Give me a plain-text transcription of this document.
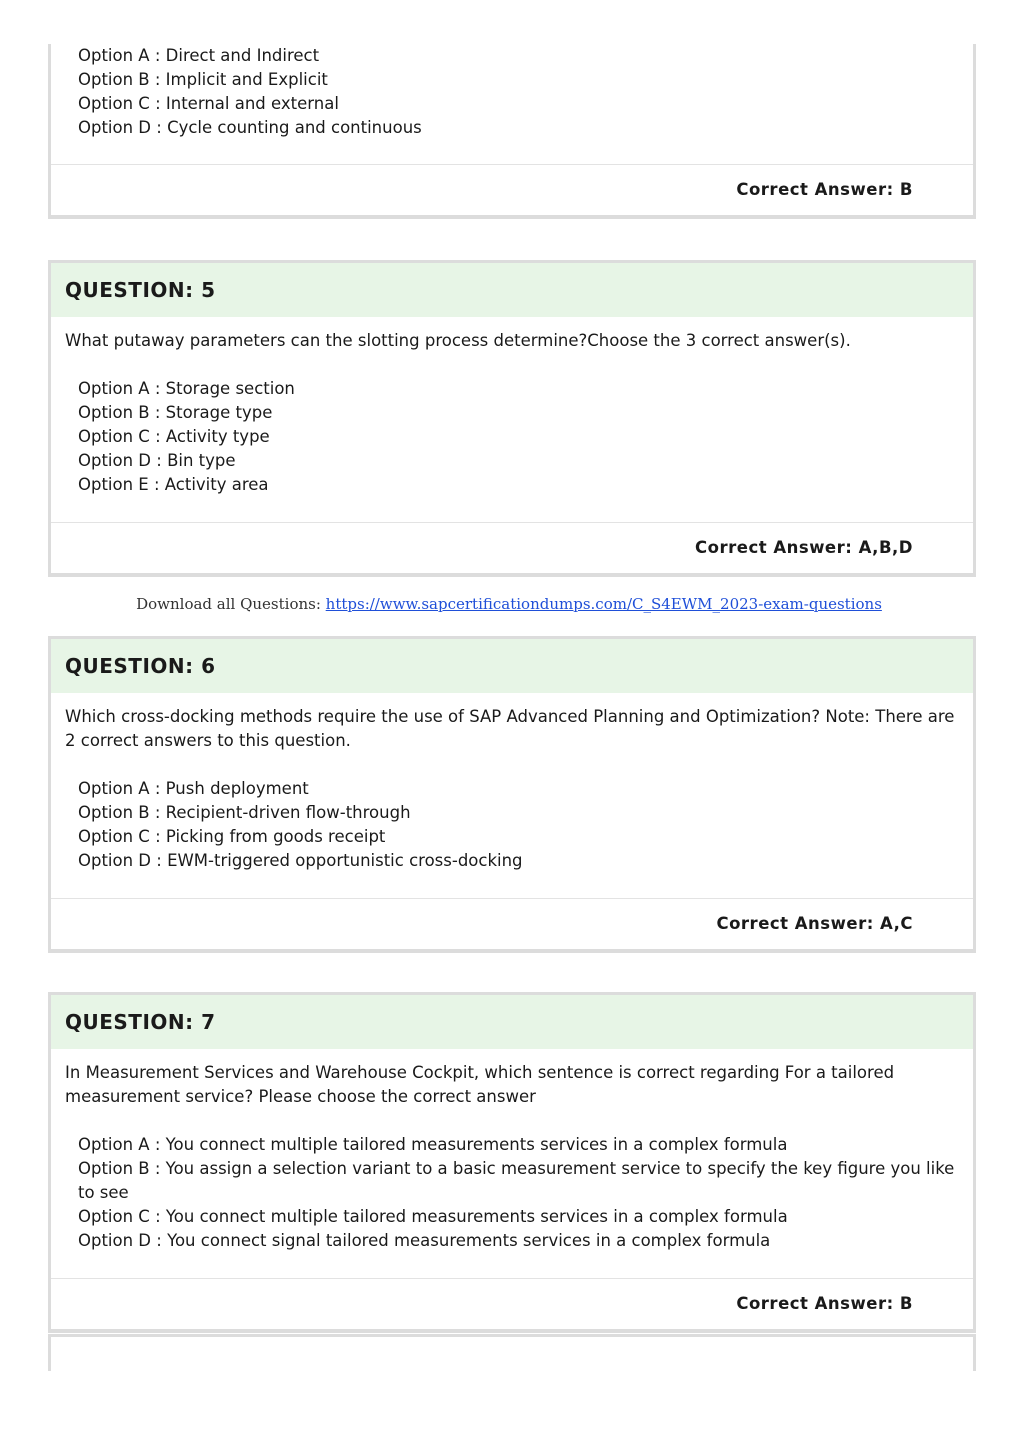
Option A : Direct and Indirect
Option B : Implicit and Explicit
Option C : Internal and external
Option D : Cycle counting and continuous
Correct Answer: B
QUESTION: 5

What putaway parameters can the slotting process determine?Choose the 3 correct answer(s).

Option A : Storage section
Option B : Storage type
Option C : Activity type
Option D : Bin type
Option E : Activity area
Correct Answer: A,B,D
Download all Questions: https://www.sapcertificationdumps.com/C_S4EWM_2023-exam-questions
QUESTION: 6

Which cross-docking methods require the use of SAP Advanced Planning and Optimization? Note: There are 2 correct answers to this question.

Option A : Push deployment
Option B : Recipient-driven flow-through
Option C : Picking from goods receipt
Option D : EWM-triggered opportunistic cross-docking
Correct Answer: A,C
QUESTION: 7

In Measurement Services and Warehouse Cockpit, which sentence is correct regarding For a tailored measurement service? Please choose the correct answer

Option A : You connect multiple tailored measurements services in a complex formula
Option B : You assign a selection variant to a basic measurement service to specify the key figure you like to see
Option C : You connect multiple tailored measurements services in a complex formula
Option D : You connect signal tailored measurements services in a complex formula
Correct Answer: B
